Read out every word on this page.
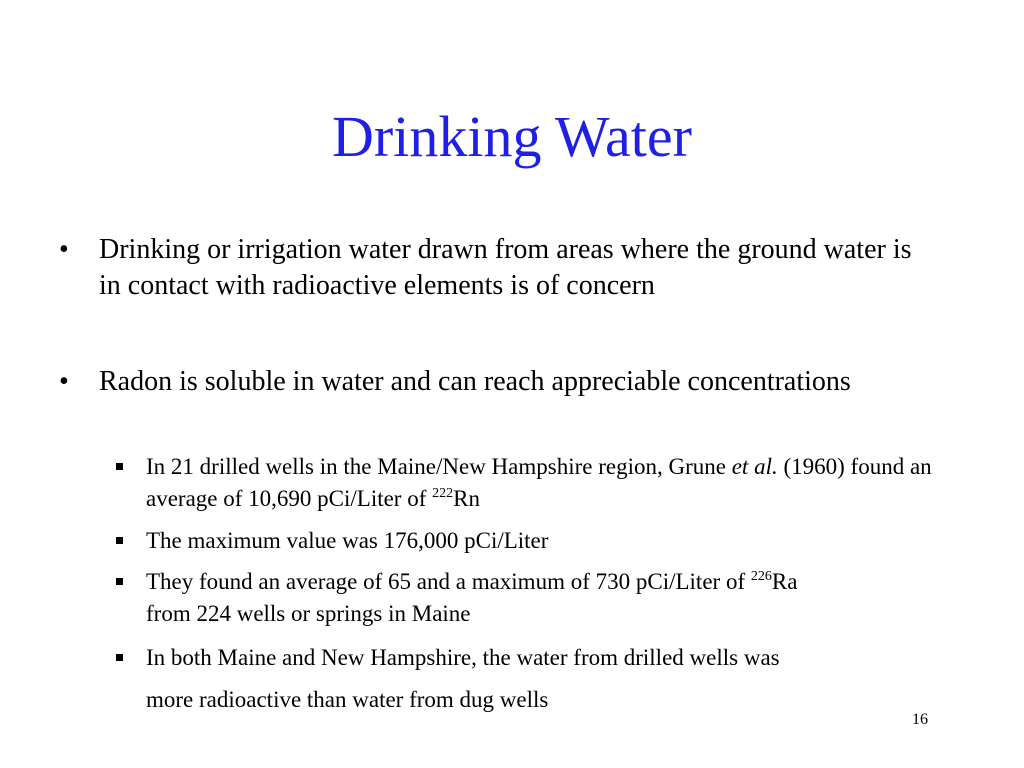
Drinking Water
• Drinking or irrigation water drawn from areas where the ground water is in contact with radioactive elements is of concern
• Radon is soluble in water and can reach appreciable concentrations
In 21 drilled wells in the Maine/New Hampshire region, Grune et al. (1960) found an average of 10,690 pCi/Liter of $^{222}$Rn
The maximum value was 176,000 pCi/Liter
They found an average of 65 and a maximum of 730 pCi/Liter of $^{226}$Ra
from 224 wells or springs in Maine
In both Maine and New Hampshire, the water from drilled wells was
more radioactive than water from dug wells
16
